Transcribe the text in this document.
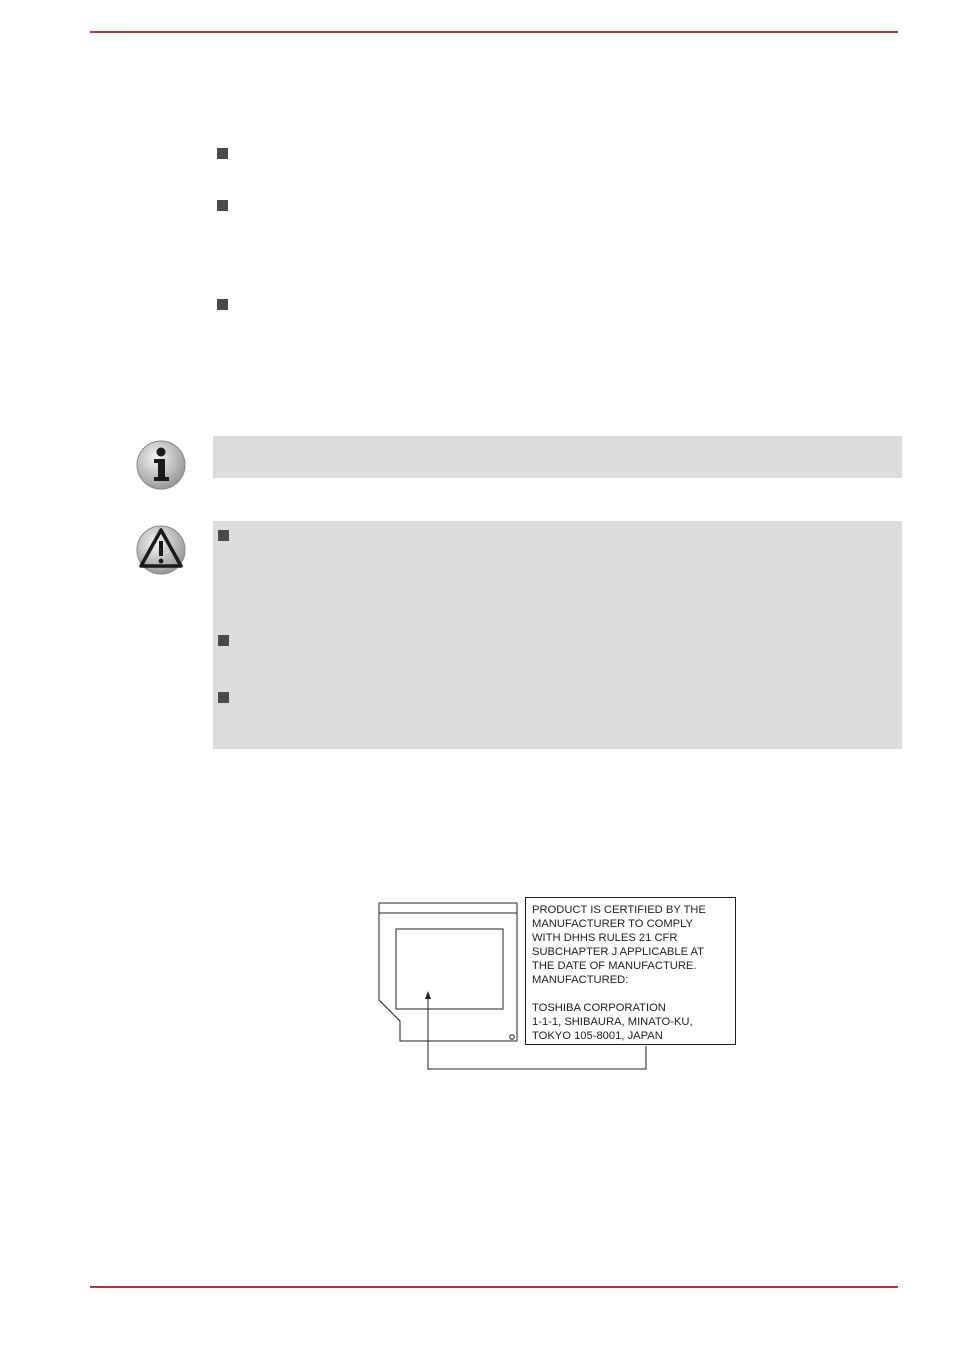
PRODUCT IS CERTIFIED BY THE
MANUFACTURER TO COMPLY
WITH DHHS RULES 21 CFR
SUBCHAPTER J APPLICABLE AT
THE DATE OF MANUFACTURE.
MANUFACTURED:
TOSHIBA CORPORATION
1-1-1, SHIBAURA, MINATO-KU,
TOKYO 105-8001, JAPAN
